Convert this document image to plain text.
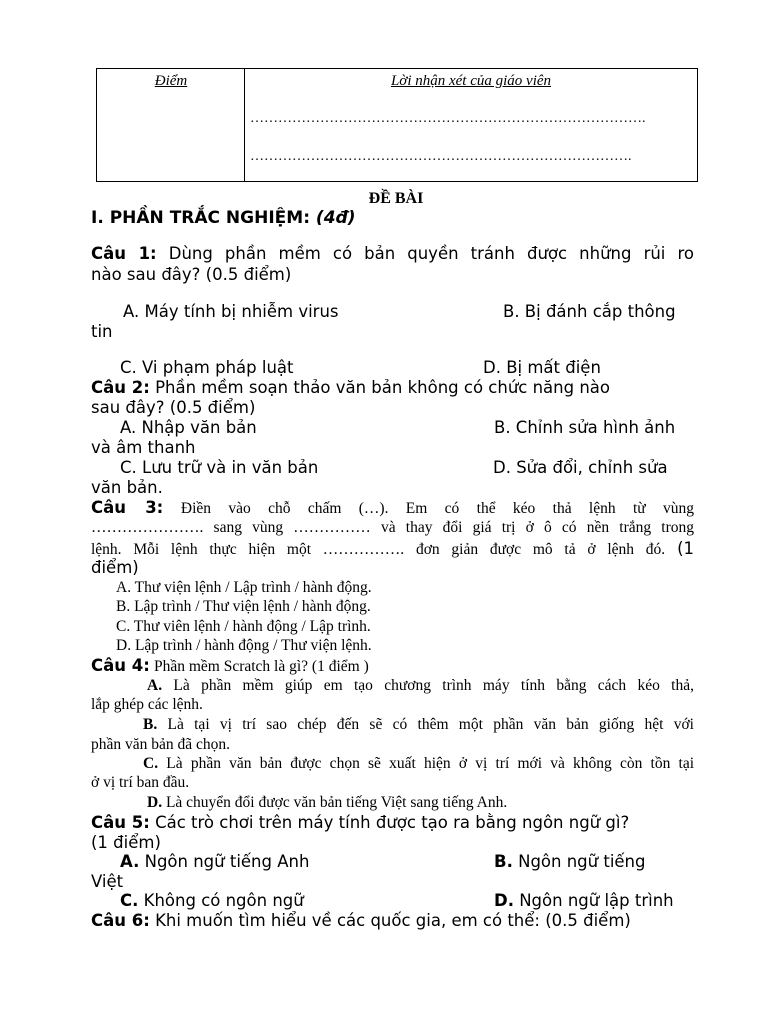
Điểm	Lời nhận xét của giáo viên
………………………………………………………………………….
……………………………………………………………………….
ĐỀ BÀI
I. PHẦN TRẮC NGHIỆM: (4đ)
Câu 1: Dùng phần mềm có bản quyền tránh được những rủi ro
nào sau đây? (0.5 điểm)
A. Máy tính bị nhiễm virus	B. Bị đánh cắp thông
tin
C. Vi phạm pháp luật	D. Bị mất điện
Câu 2: Phần mềm soạn thảo văn bản không có chức năng nào
sau đây? (0.5 điểm)
A. Nhập văn bản	B. Chỉnh sửa hình ảnh
và âm thanh
C. Lưu trữ và in văn bản	D. Sửa đổi, chỉnh sửa
văn bản.
Câu 3: Điền vào chỗ chấm (…). Em có thể kéo thả lệnh từ vùng
…………………. sang vùng …………… và thay đổi giá trị ở ô có nền trắng trong
lệnh. Mỗi lệnh thực hiện một ……………. đơn giản được mô tả ở lệnh đó. (1
điểm)
A. Thư viện lệnh / Lập trình / hành động.
B. Lập trình / Thư viện lệnh / hành động.
C. Thư viên lệnh / hành động / Lập trình.
D. Lập trình / hành động / Thư viện lệnh.
Câu 4: Phần mềm Scratch là gì? (1 điểm )
A. Là phần mềm giúp em tạo chương trình máy tính bằng cách kéo thả,
lắp ghép các lệnh.
B. Là tại vị trí sao chép đến sẽ có thêm một phần văn bản giống hệt với
phần văn bản đã chọn.
C. Là phần văn bản được chọn sẽ xuất hiện ở vị trí mới và không còn tồn tại
ở vị trí ban đầu.
D. Là chuyển đổi được văn bản tiếng Việt sang tiếng Anh.
Câu 5: Các trò chơi trên máy tính được tạo ra bằng ngôn ngữ gì?
(1 điểm)
A. Ngôn ngữ tiếng Anh	B. Ngôn ngữ tiếng
Việt
C. Không có ngôn ngữ	D. Ngôn ngữ lập trình
Câu 6: Khi muốn tìm hiểu về các quốc gia, em có thể: (0.5 điểm)
